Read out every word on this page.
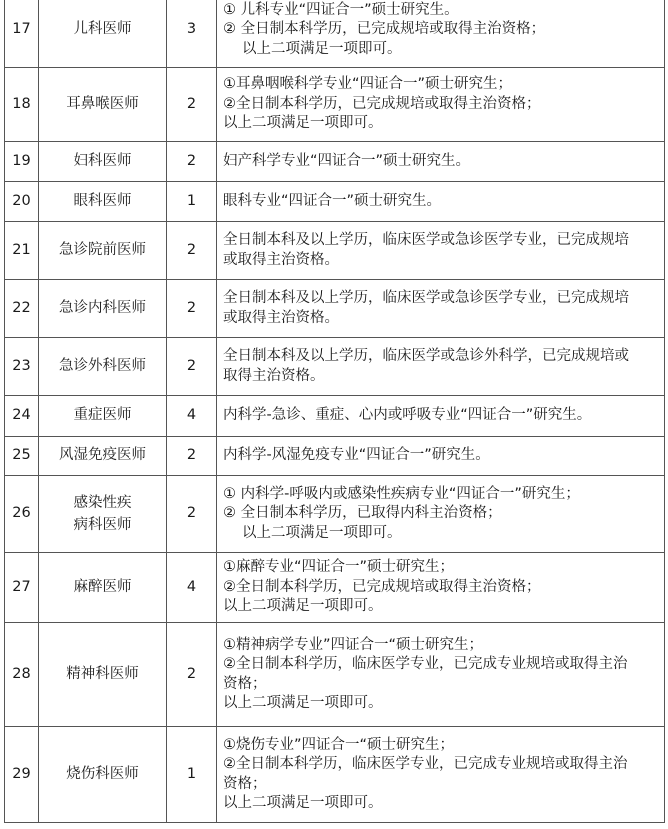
17	儿科医师	3	① 儿科专业“四证合一”硕士研究生。
② 全日制本科学历，已完成规培或取得主治资格；
以上二项满足一项即可。

18	耳鼻喉医师	2	①耳鼻咽喉科学专业“四证合一”硕士研究生；
②全日制本科学历，已完成规培或取得主治资格；
以上二项满足一项即可。

19	妇科医师	2	妇产科学专业“四证合一”硕士研究生。

20	眼科医师	1	眼科专业“四证合一”硕士研究生。

21	急诊院前医师	2	全日制本科及以上学历，临床医学或急诊医学专业，已完成规培
或取得主治资格。

22	急诊内科医师	2	全日制本科及以上学历，临床医学或急诊医学专业，已完成规培
或取得主治资格。

23	急诊外科医师	2	全日制本科及以上学历，临床医学或急诊外科学，已完成规培或
取得主治资格。

24	重症医师	4	内科学-急诊、重症、心内或呼吸专业“四证合一”研究生。

25	风湿免疫医师	2	内科学-风湿免疫专业“四证合一”研究生。

26	感染性疾
病科医师	2	① 内科学-呼吸内或感染性疾病专业“四证合一”研究生；
② 全日制本科学历，已取得内科主治资格；
以上二项满足一项即可。

27	麻醉医师	4	①麻醉专业“四证合一”硕士研究生；
②全日制本科学历，已完成规培或取得主治资格；
以上二项满足一项即可。

28	精神科医师	2	①精神病学专业”四证合一“硕士研究生；
②全日制本科学历，临床医学专业，已完成专业规培或取得主治
资格；
以上二项满足一项即可。

29	烧伤科医师	1	①烧伤专业”四证合一“硕士研究生；
②全日制本科学历，临床医学专业，已完成专业规培或取得主治
资格；
以上二项满足一项即可。
